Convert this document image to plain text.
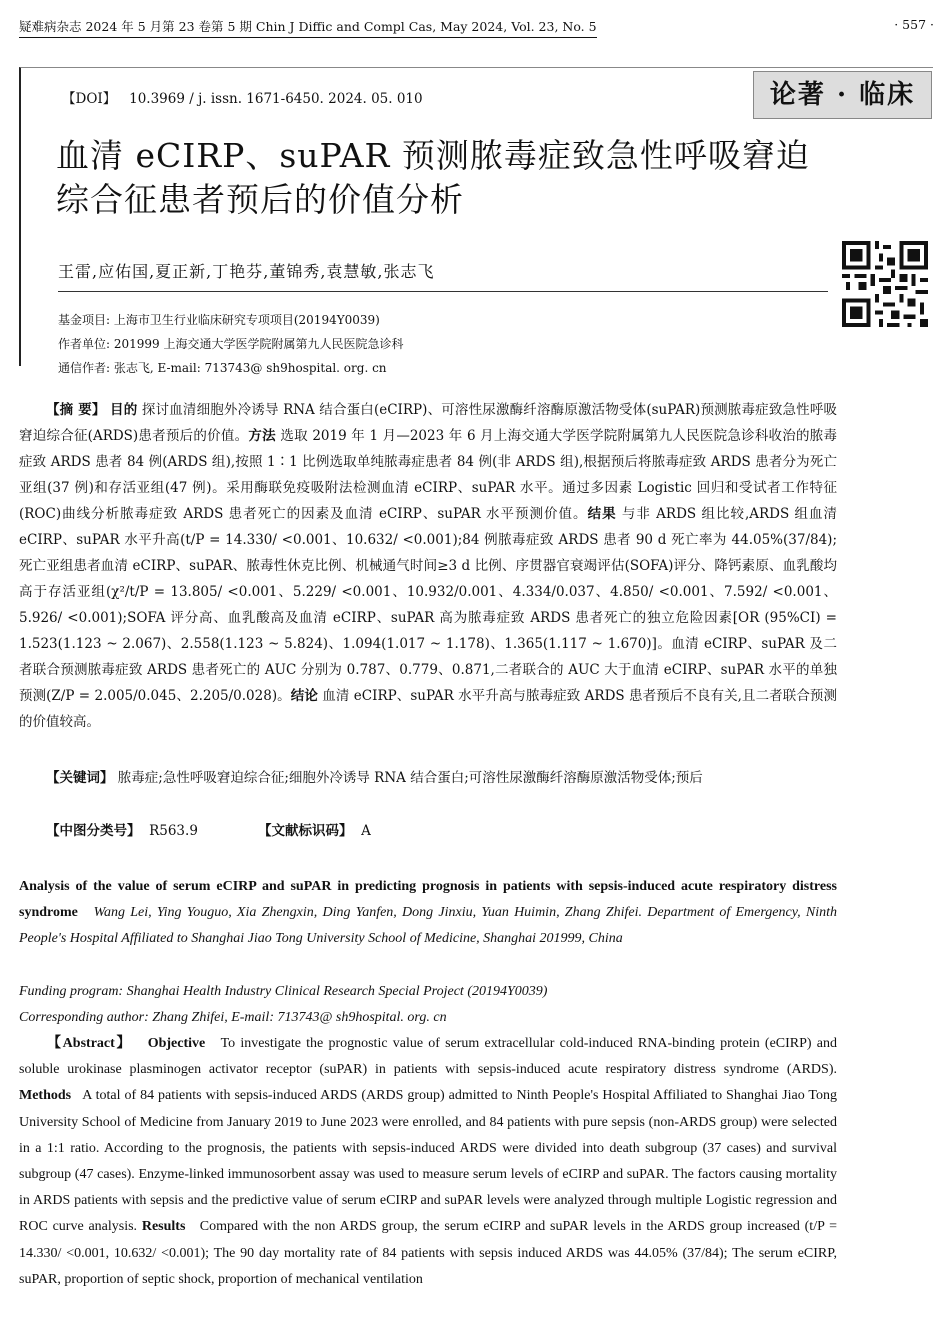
疑难病杂志 2024 年 5 月第 23 卷第 5 期 Chin J Diffic and Compl Cas, May 2024, Vol. 23, No. 5	· 557 ·
【DOI】 10.3969 / j. issn. 1671-6450. 2024. 05. 010	论著 · 临床
血清 eCIRP、suPAR 预测脓毒症致急性呼吸窘迫综合征患者预后的价值分析
王雷,应佑国,夏正新,丁艳芬,董锦秀,袁慧敏,张志飞
基金项目: 上海市卫生行业临床研究专项项目(20194Y0039)
作者单位: 201999 上海交通大学医学院附属第九人民医院急诊科
通信作者: 张志飞, E-mail: 713743@ sh9hospital. org. cn
【摘 要】 目的 探讨血清细胞外冷诱导 RNA 结合蛋白(eCIRP)、可溶性尿激酶纤溶酶原激活物受体(suPAR)预测脓毒症致急性呼吸窘迫综合征(ARDS)患者预后的价值。方法 选取 2019 年 1 月—2023 年 6 月上海交通大学医学院附属第九人民医院急诊科收治的脓毒症致 ARDS 患者 84 例(ARDS 组),按照 1∶1 比例选取单纯脓毒症患者 84 例(非 ARDS 组),根据预后将脓毒症致 ARDS 患者分为死亡亚组(37 例)和存活亚组(47 例)。采用酶联免疫吸附法检测血清 eCIRP、suPAR 水平。通过多因素 Logistic 回归和受试者工作特征(ROC)曲线分析脓毒症致 ARDS 患者死亡的因素及血清 eCIRP、suPAR 水平预测价值。结果 与非 ARDS 组比较,ARDS 组血清 eCIRP、suPAR 水平升高(t/P = 14.330/ <0.001、10.632/ <0.001);84 例脓毒症致 ARDS 患者 90 d 死亡率为 44.05%(37/84);死亡亚组患者血清 eCIRP、suPAR、脓毒性休克比例、机械通气时间≥3 d 比例、序贯器官衰竭评估(SOFA)评分、降钙素原、血乳酸均高于存活亚组(χ²/t/P = 13.805/ <0.001、5.229/ <0.001、10.932/0.001、4.334/0.037、4.850/ <0.001、7.592/ <0.001、5.926/ <0.001);SOFA 评分高、血乳酸高及血清 eCIRP、suPAR 高为脓毒症致 ARDS 患者死亡的独立危险因素[OR (95%CI) = 1.523(1.123 ~ 2.067)、2.558(1.123 ~ 5.824)、1.094(1.017 ~ 1.178)、1.365(1.117 ~ 1.670)]。血清 eCIRP、suPAR 及二者联合预测脓毒症致 ARDS 患者死亡的 AUC 分别为 0.787、0.779、0.871,二者联合的 AUC 大于血清 eCIRP、suPAR 水平的单独预测(Z/P = 2.005/0.045、2.205/0.028)。结论 血清 eCIRP、suPAR 水平升高与脓毒症致 ARDS 患者预后不良有关,且二者联合预测的价值较高。
【关键词】 脓毒症;急性呼吸窘迫综合征;细胞外冷诱导 RNA 结合蛋白;可溶性尿激酶纤溶酶原激活物受体;预后
【中图分类号】 R563.9	【文献标识码】 A
Analysis of the value of serum eCIRP and suPAR in predicting prognosis in patients with sepsis-induced acute respiratory distress syndrome Wang Lei, Ying Youguo, Xia Zhengxin, Ding Yanfen, Dong Jinxiu, Yuan Huimin, Zhang Zhifei. Department of Emergency, Ninth People's Hospital Affiliated to Shanghai Jiao Tong University School of Medicine, Shanghai 201999, China
Funding program: Shanghai Health Industry Clinical Research Special Project (20194Y0039)
Corresponding author: Zhang Zhifei, E-mail: 713743@ sh9hospital. org. cn
【Abstract】 Objective To investigate the prognostic value of serum extracellular cold-induced RNA-binding protein (eCIRP) and soluble urokinase plasminogen activator receptor (suPAR) in patients with sepsis-induced acute respiratory distress syndrome (ARDS). Methods A total of 84 patients with sepsis-induced ARDS (ARDS group) admitted to Ninth People's Hospital Affiliated to Shanghai Jiao Tong University School of Medicine from January 2019 to June 2023 were enrolled, and 84 patients with pure sepsis (non-ARDS group) were selected in a 1:1 ratio. According to the prognosis, the patients with sepsis-induced ARDS were divided into death subgroup (37 cases) and survival subgroup (47 cases). Enzyme-linked immunosorbent assay was used to measure serum levels of eCIRP and suPAR. The factors causing mortality in ARDS patients with sepsis and the predictive value of serum eCIRP and suPAR levels were analyzed through multiple Logistic regression and ROC curve analysis. Results Compared with the non ARDS group, the serum eCIRP and suPAR levels in the ARDS group increased (t/P = 14.330/ <0.001, 10.632/ <0.001); The 90 day mortality rate of 84 patients with sepsis induced ARDS was 44.05% (37/84); The serum eCIRP, suPAR, proportion of septic shock, proportion of mechanical ventilation
